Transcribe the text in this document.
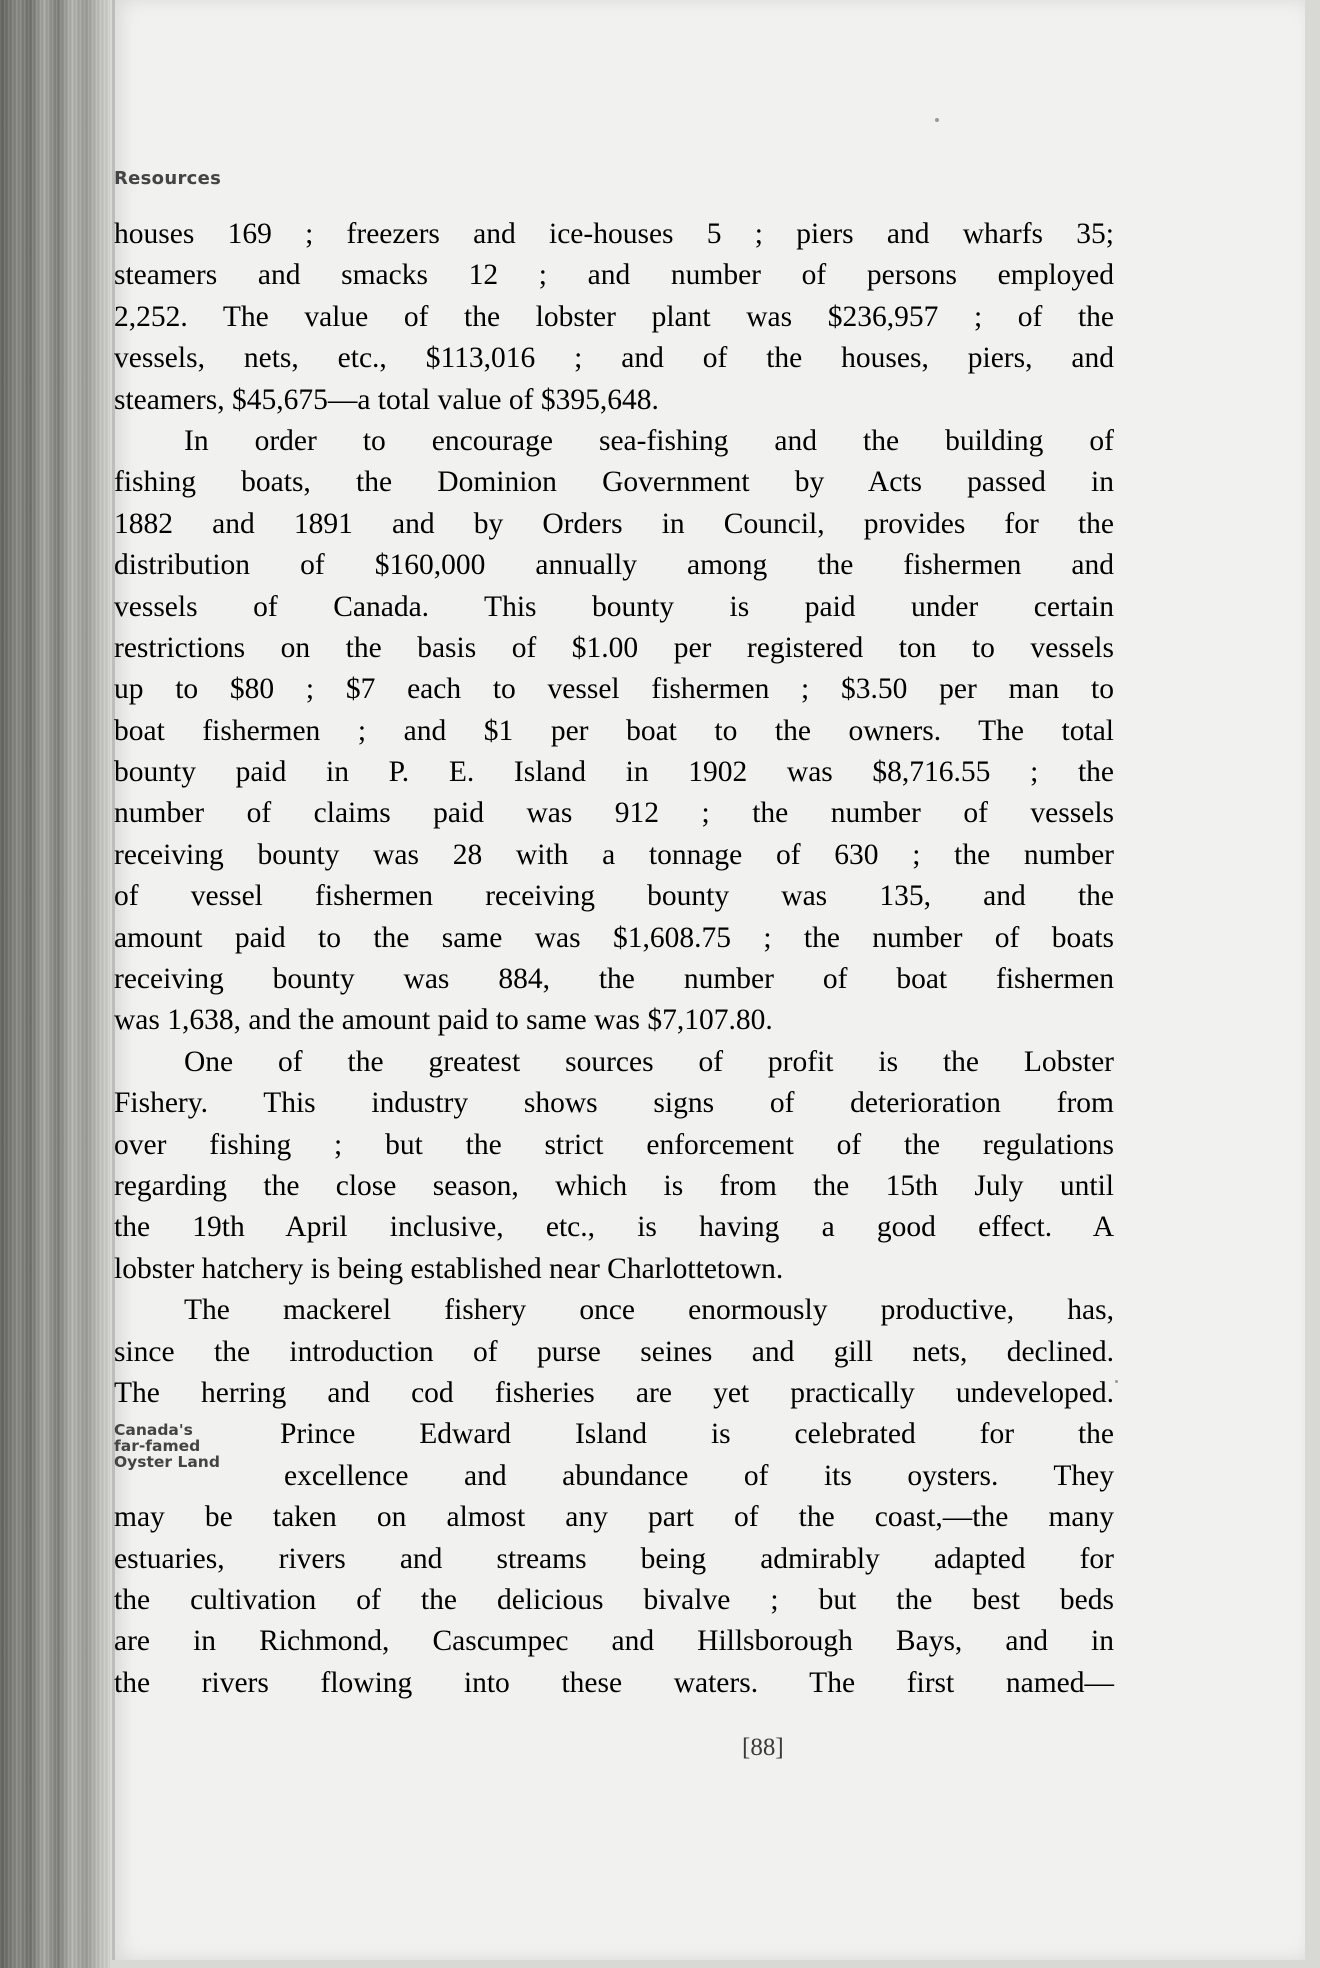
Resources
Canada's
far-famed
Oyster Land
houses 169 ; freezers and ice-houses 5 ; piers and wharfs 35;
steamers and smacks 12 ; and number of persons employed
2,252. The value of the lobster plant was $236,957 ; of the
vessels, nets, etc., $113,016 ; and of the houses, piers, and
steamers, $45,675—a total value of $395,648.
In order to encourage sea-fishing and the building of
fishing boats, the Dominion Government by Acts passed in
1882 and 1891 and by Orders in Council, provides for the
distribution of $160,000 annually among the fishermen and
vessels of Canada. This bounty is paid under certain
restrictions on the basis of $1.00 per registered ton to vessels
up to $80 ; $7 each to vessel fishermen ; $3.50 per man to
boat fishermen ; and $1 per boat to the owners. The total
bounty paid in P. E. Island in 1902 was $8,716.55 ; the
number of claims paid was 912 ; the number of vessels
receiving bounty was 28 with a tonnage of 630 ; the number
of vessel fishermen receiving bounty was 135, and the
amount paid to the same was $1,608.75 ; the number of boats
receiving bounty was 884, the number of boat fishermen
was 1,638, and the amount paid to same was $7,107.80.
One of the greatest sources of profit is the Lobster
Fishery. This industry shows signs of deterioration from
over fishing ; but the strict enforcement of the regulations
regarding the close season, which is from the 15th July until
the 19th April inclusive, etc., is having a good effect. A
lobster hatchery is being established near Charlottetown.
The mackerel fishery once enormously productive, has,
since the introduction of purse seines and gill nets, declined.
The herring and cod fisheries are yet practically undeveloped.
Prince Edward Island is celebrated for the
excellence and abundance of its oysters. They
may be taken on almost any part of the coast,—the many
estuaries, rivers and streams being admirably adapted for
the cultivation of the delicious bivalve ; but the best beds
are in Richmond, Cascumpec and Hillsborough Bays, and in
the rivers flowing into these waters. The first named—
[88]
